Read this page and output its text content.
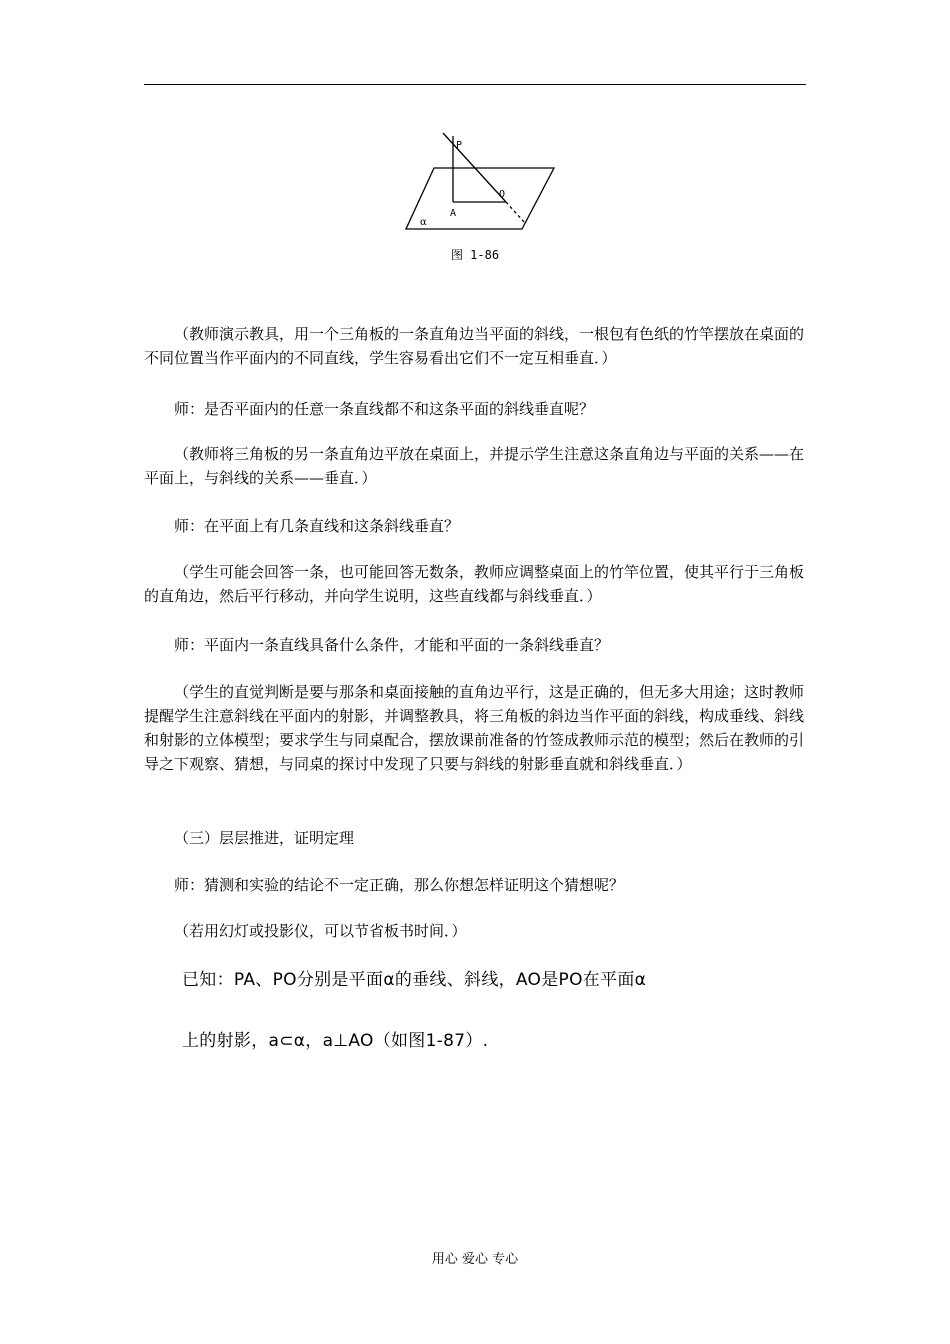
P
O
A
α
图 1-86

（教师演示教具，用一个三角板的一条直角边当平面的斜线，一根包有色纸的竹竿摆放在桌面的不同位置当作平面内的不同直线，学生容易看出它们不一定互相垂直．）

师：是否平面内的任意一条直线都不和这条平面的斜线垂直呢？

（教师将三角板的另一条直角边平放在桌面上，并提示学生注意这条直角边与平面的关系——在平面上，与斜线的关系——垂直．）

师：在平面上有几条直线和这条斜线垂直？

（学生可能会回答一条，也可能回答无数条，教师应调整桌面上的竹竿位置，使其平行于三角板的直角边，然后平行移动，并向学生说明，这些直线都与斜线垂直．）

师：平面内一条直线具备什么条件，才能和平面的一条斜线垂直？

（学生的直觉判断是要与那条和桌面接触的直角边平行，这是正确的，但无多大用途；这时教师提醒学生注意斜线在平面内的射影，并调整教具，将三角板的斜边当作平面的斜线，构成垂线、斜线和射影的立体模型；要求学生与同桌配合，摆放课前准备的竹签成教师示范的模型；然后在教师的引导之下观察、猜想，与同桌的探讨中发现了只要与斜线的射影垂直就和斜线垂直．）

（三）层层推进，证明定理

师：猜测和实验的结论不一定正确，那么你想怎样证明这个猜想呢？

（若用幻灯或投影仪，可以节省板书时间．）

已知：PA、PO分别是平面α的垂线、斜线，AO是PO在平面α

上的射影，a⊂α，a⊥AO（如图1-87）.

用心 爱心 专心
